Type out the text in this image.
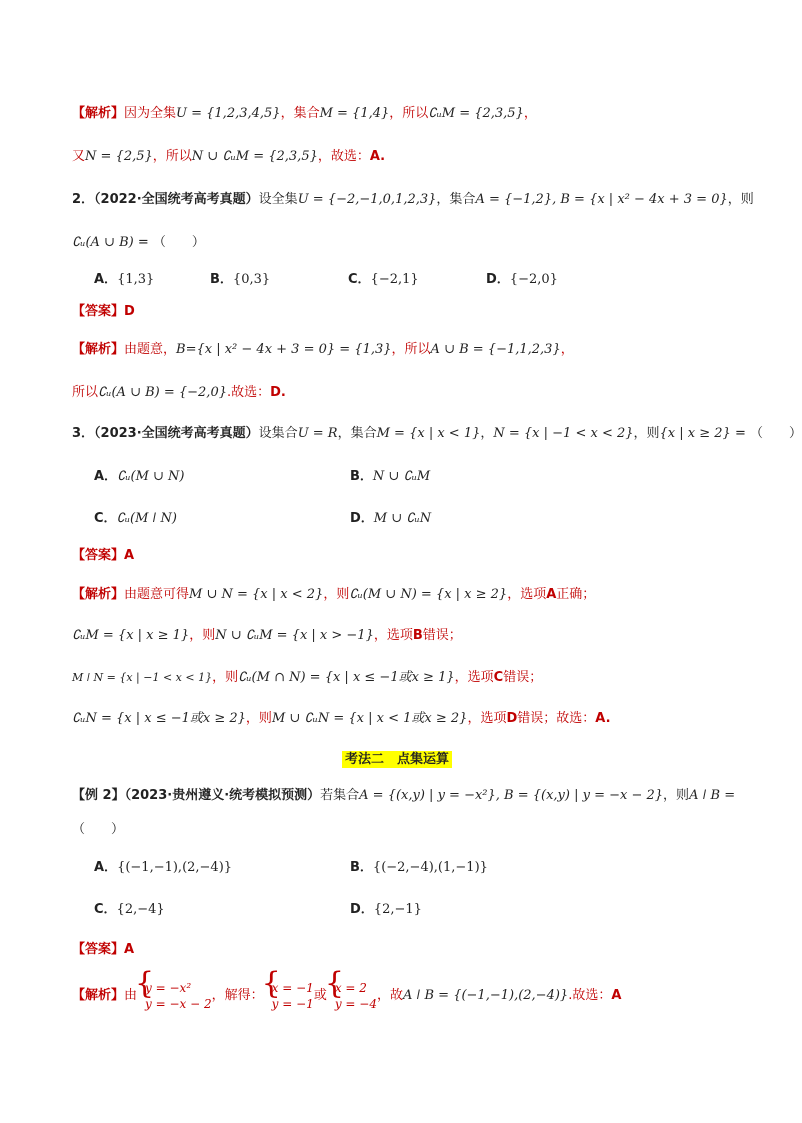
【解析】因为全集U = {1,2,3,4,5}，集合M = {1,4}，所以∁ᵤM = {2,3,5}，
又N = {2,5}，所以N ∪ ∁ᵤM = {2,3,5}，故选：A.
2．（2022·全国统考高考真题）设全集U = {−2,−1,0,1,2,3}，集合A = {−1,2}, B = {x | x² − 4x + 3 = 0}，则
∁ᵤ(A ∪ B) = （　　）
A．{1,3}	B．{0,3}	C．{−2,1}	D．{−2,0}
【答案】D
【解析】由题意，B={x | x² − 4x + 3 = 0} = {1,3}，所以A ∪ B = {−1,1,2,3}，
所以∁ᵤ(A ∪ B) = {−2,0}.故选：D.
3．（2023·全国统考高考真题）设集合U = R，集合M = {x | x < 1}，N = {x | −1 < x < 2}，则{x | x ≥ 2} = （　　）
A．∁ᵤ(M ∪ N)	B．N ∪ ∁ᵤM
C．∁ᵤ(M ǀ N)	D．M ∪ ∁ᵤN
【答案】A
【解析】由题意可得M ∪ N = {x | x < 2}，则∁ᵤ(M ∪ N) = {x | x ≥ 2}，选项A正确；
∁ᵤM = {x | x ≥ 1}，则N ∪ ∁ᵤM = {x | x > −1}，选项B错误；
M ǀ N = {x | −1 < x < 1}，则∁ᵤ(M ∩ N) = {x | x ≤ −1或x ≥ 1}，选项C错误；
∁ᵤN = {x | x ≤ −1或x ≥ 2}，则M ∪ ∁ᵤN = {x | x < 1或x ≥ 2}，选项D错误；故选：A.
考法二　点集运算
【例 2】（2023·贵州遵义·统考模拟预测）若集合A = {(x,y) | y = −x²}, B = {(x,y) | y = −x − 2}，则A ǀ B =
（　　）
A．{(−1,−1),(2,−4)}	B．{(−2,−4),(1,−1)}
C．{2,−4}	D．{2,−1}
【答案】A
【解析】由
{ y = −x²
y = −x − 2
，解得：
{ x = −1
y = −1
或
{ x = 2
y = −4
，故A ǀ B = {(−1,−1),(2,−4)}.故选：A
